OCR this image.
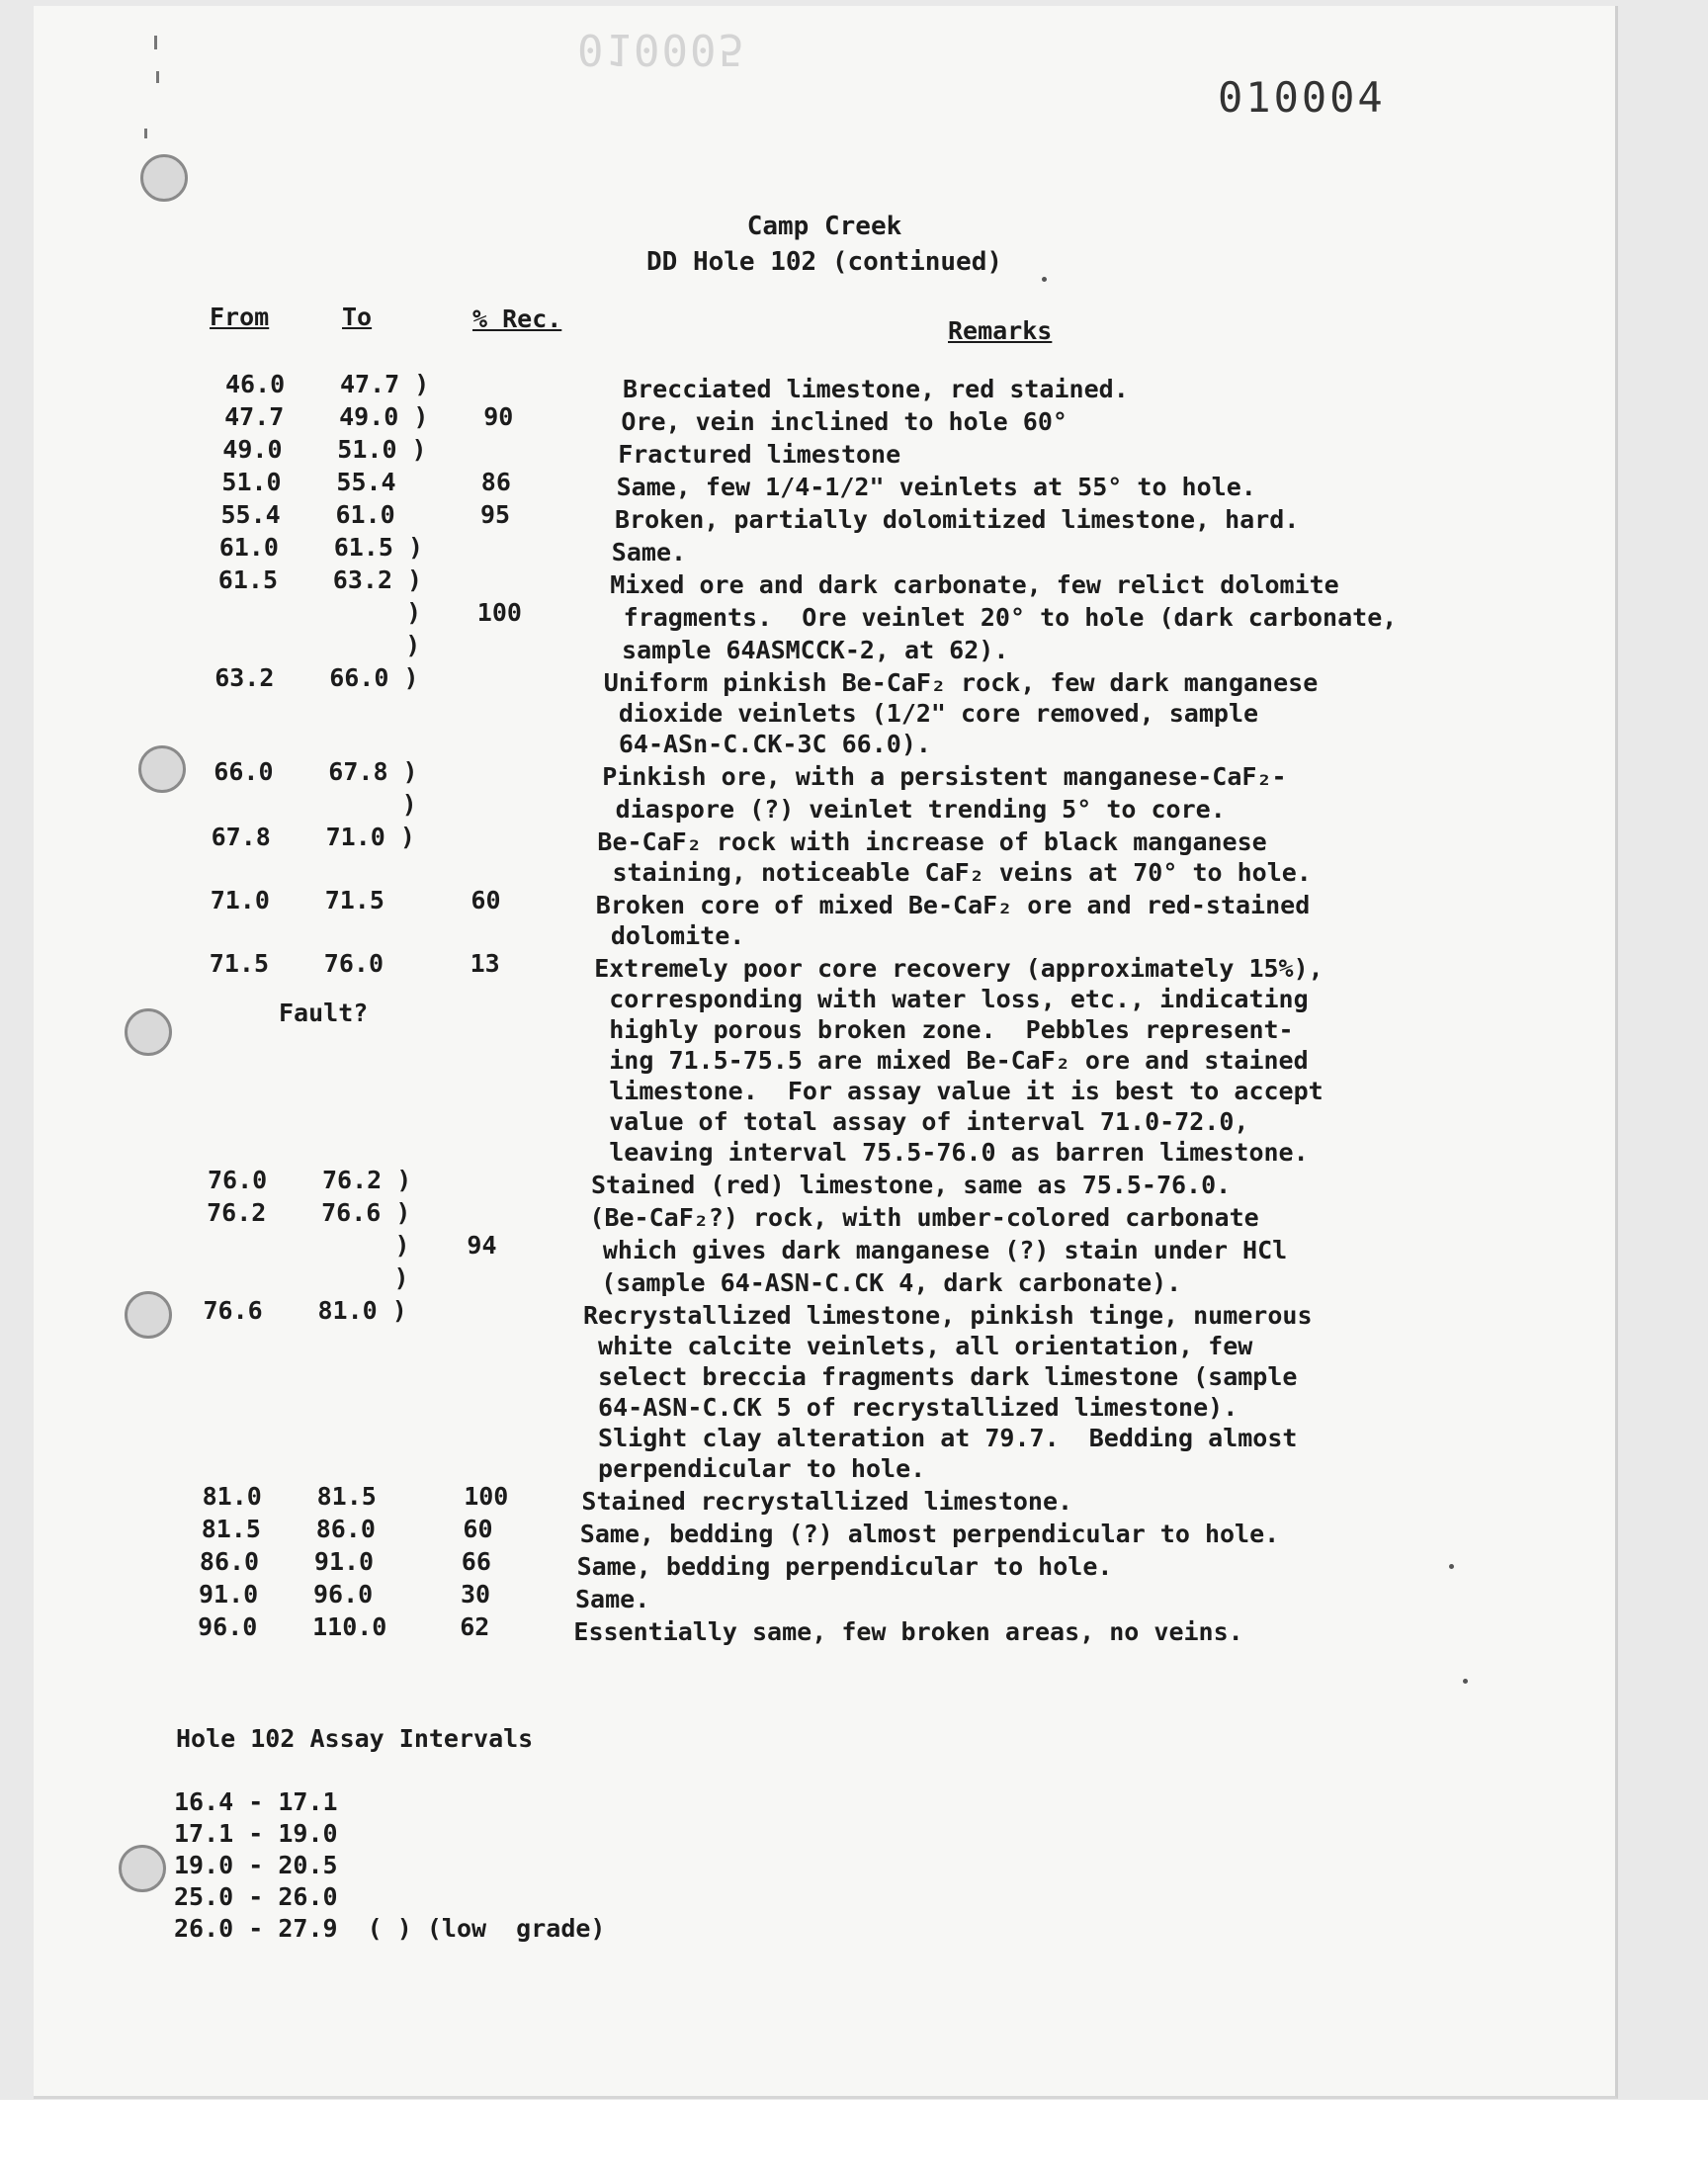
010005
010004
Camp Creek
DD Hole 102 (continued)
From	To	% Rec.	Remarks
46.0 47.7 )	Brecciated limestone, red stained.
47.7 49.0 ) 90	Ore, vein inclined to hole 60°
49.0 51.0 )	Fractured limestone
51.0 55.4	86	Same, few 1/4-1/2" veinlets at 55° to hole.
55.4 61.0	95	Broken, partially dolomitized limestone, hard.
61.0 61.5 )	Same.
61.5 63.2 )	Mixed ore and dark carbonate, few relict dolomite
) 100	fragments.  Ore veinlet 20° to hole (dark carbonate,
)	sample 64ASMCCK-2, at 62).
63.2 66.0 )	Uniform pinkish Be-CaF₂ rock, few dark manganese
dioxide veinlets (1/2" core removed, sample
64-ASn-C.CK-3C 66.0).
66.0 67.8 )	Pinkish ore, with a persistent manganese-CaF₂-
)	diaspore (?) veinlet trending 5° to core.
67.8 71.0 )	Be-CaF₂ rock with increase of black manganese
staining, noticeable CaF₂ veins at 70° to hole.
71.0 71.5	60	Broken core of mixed Be-CaF₂ ore and red-stained
dolomite.
71.5 76.0	13	Extremely poor core recovery (approximately 15%),
corresponding with water loss, etc., indicating
highly porous broken zone.  Pebbles represent-
ing 71.5-75.5 are mixed Be-CaF₂ ore and stained
limestone.  For assay value it is best to accept
value of total assay of interval 71.0-72.0,
leaving interval 75.5-76.0 as barren limestone.
76.0 76.2 )	Stained (red) limestone, same as 75.5-76.0.
76.2 76.6 )	(Be-CaF₂?) rock, with umber-colored carbonate
) 94	which gives dark manganese (?) stain under HCl
)	(sample 64-ASN-C.CK 4, dark carbonate).
76.6 81.0 )	Recrystallized limestone, pinkish tinge, numerous
white calcite veinlets, all orientation, few
select breccia fragments dark limestone (sample
64-ASN-C.CK 5 of recrystallized limestone).
Slight clay alteration at 79.7.  Bedding almost
perpendicular to hole.
81.0 81.5	100	Stained recrystallized limestone.
81.5 86.0	60	Same, bedding (?) almost perpendicular to hole.
86.0 91.0	66	Same, bedding perpendicular to hole.
91.0 96.0	30	Same.
96.0 110.0	62	Essentially same, few broken areas, no veins.
Fault?
Hole 102 Assay Intervals
16.4 - 17.1
17.1 - 19.0
19.0 - 20.5
25.0 - 26.0
26.0 - 27.9  ( ) (low  grade)
